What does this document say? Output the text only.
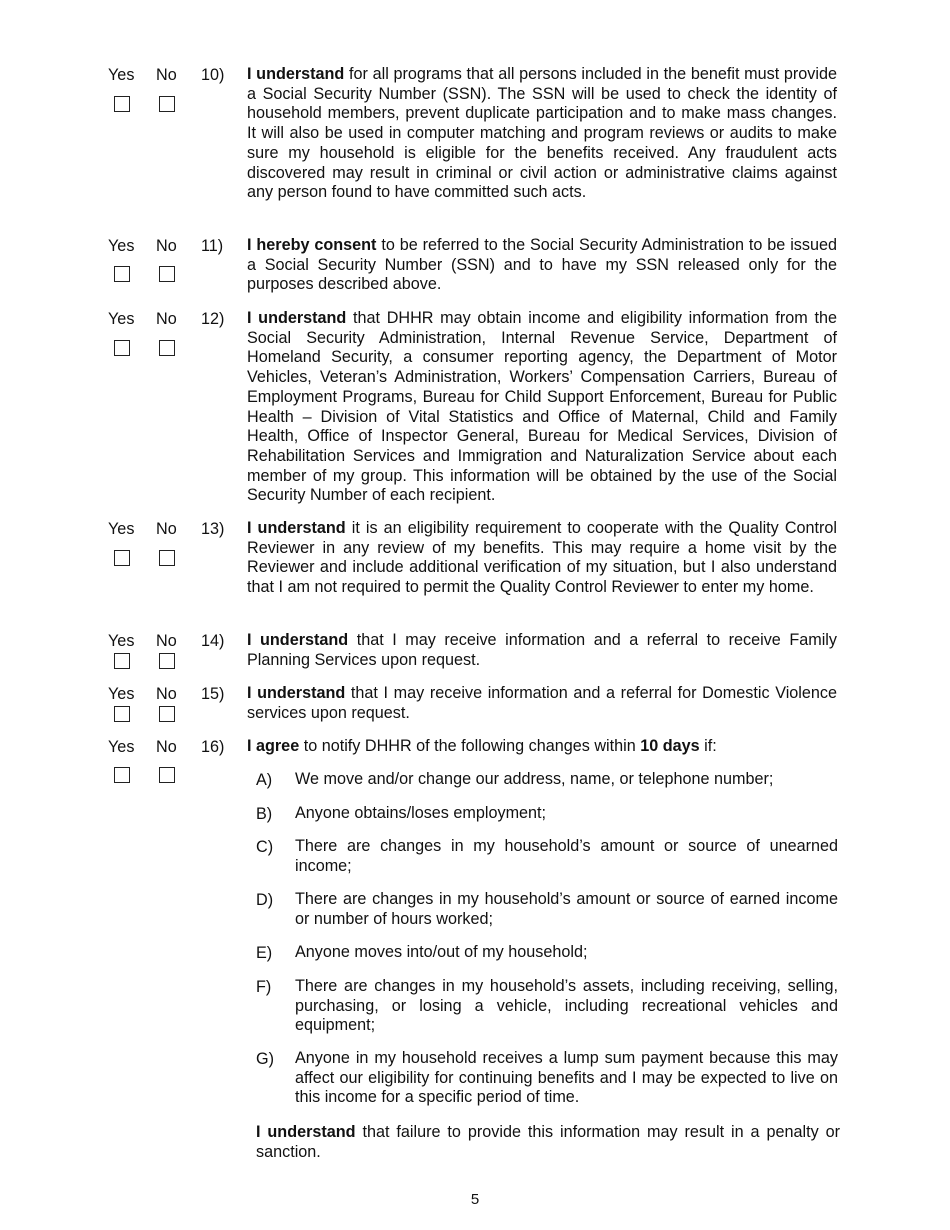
Yes No 10) I understand for all programs that all persons included in the benefit must provide a Social Security Number (SSN). The SSN will be used to check the identity of household members, prevent duplicate participation and to make mass changes. It will also be used in computer matching and program reviews or audits to make sure my household is eligible for the benefits received. Any fraudulent acts discovered may result in criminal or civil action or administrative claims against any person found to have committed such acts.
Yes No 11) I hereby consent to be referred to the Social Security Administration to be issued a Social Security Number (SSN) and to have my SSN released only for the purposes described above.
Yes No 12) I understand that DHHR may obtain income and eligibility information from the Social Security Administration, Internal Revenue Service, Department of Homeland Security, a consumer reporting agency, the Department of Motor Vehicles, Veteran’s Administration, Workers’ Compensation Carriers, Bureau of Employment Programs, Bureau for Child Support Enforcement, Bureau for Public Health – Division of Vital Statistics and Office of Maternal, Child and Family Health, Office of Inspector General, Bureau for Medical Services, Division of Rehabilitation Services and Immigration and Naturalization Service about each member of my group. This information will be obtained by the use of the Social Security Number of each recipient.
Yes No 13) I understand it is an eligibility requirement to cooperate with the Quality Control Reviewer in any review of my benefits. This may require a home visit by the Reviewer and include additional verification of my situation, but I also understand that I am not required to permit the Quality Control Reviewer to enter my home.
Yes No 14) I understand that I may receive information and a referral to receive Family Planning Services upon request.
Yes No 15) I understand that I may receive information and a referral for Domestic Violence services upon request.
Yes No 16) I agree to notify DHHR of the following changes within 10 days if:
A) We move and/or change our address, name, or telephone number;
B) Anyone obtains/loses employment;
C) There are changes in my household’s amount or source of unearned income;
D) There are changes in my household’s amount or source of earned income or number of hours worked;
E) Anyone moves into/out of my household;
F) There are changes in my household’s assets, including receiving, selling, purchasing, or losing a vehicle, including recreational vehicles and equipment;
G) Anyone in my household receives a lump sum payment because this may affect our eligibility for continuing benefits and I may be expected to live on this income for a specific period of time.
I understand that failure to provide this information may result in a penalty or sanction.
5
